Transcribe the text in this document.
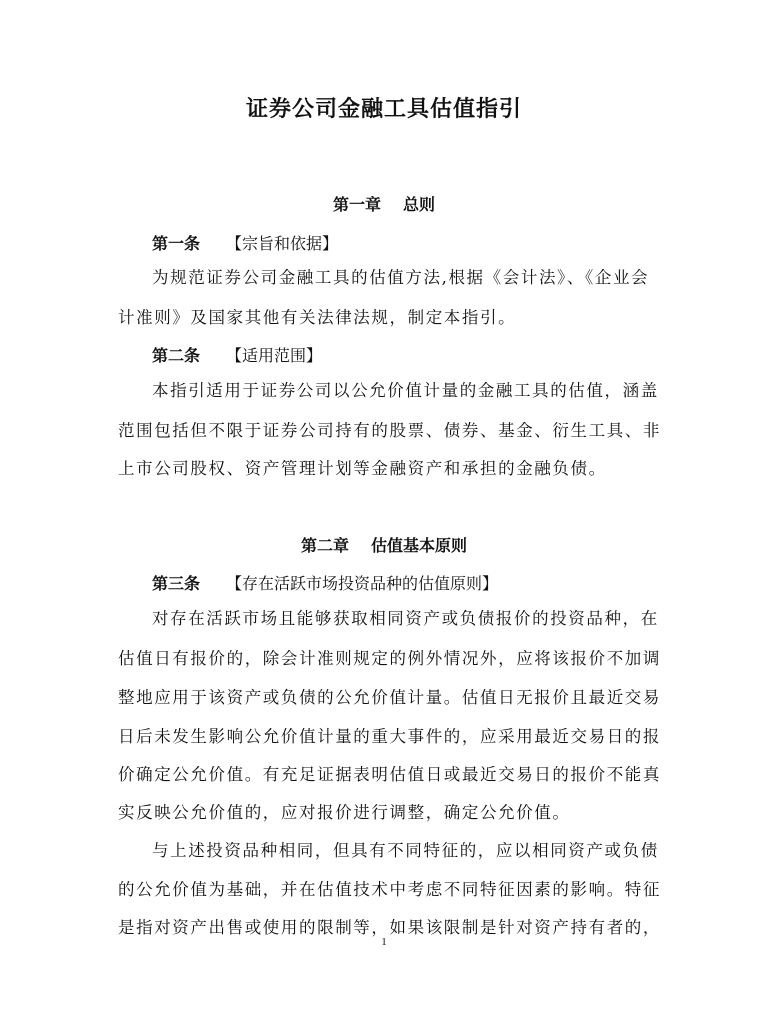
证券公司金融工具估值指引
第一章 总则
第一条 【宗旨和依据】
为规范证券公司金融工具的估值方法,根据《会计法》、《企业会
计准则》及国家其他有关法律法规，制定本指引。
第二条 【适用范围】
本指引适用于证券公司以公允价值计量的金融工具的估值，涵盖
范围包括但不限于证券公司持有的股票、债券、基金、衍生工具、非
上市公司股权、资产管理计划等金融资产和承担的金融负债。
第二章 估值基本原则
第三条 【存在活跃市场投资品种的估值原则】
对存在活跃市场且能够获取相同资产或负债报价的投资品种，在
估值日有报价的，除会计准则规定的例外情况外，应将该报价不加调
整地应用于该资产或负债的公允价值计量。估值日无报价且最近交易
日后未发生影响公允价值计量的重大事件的，应采用最近交易日的报
价确定公允价值。有充足证据表明估值日或最近交易日的报价不能真
实反映公允价值的，应对报价进行调整，确定公允价值。
与上述投资品种相同，但具有不同特征的，应以相同资产或负债
的公允价值为基础，并在估值技术中考虑不同特征因素的影响。特征
是指对资产出售或使用的限制等，如果该限制是针对资产持有者的，
1
